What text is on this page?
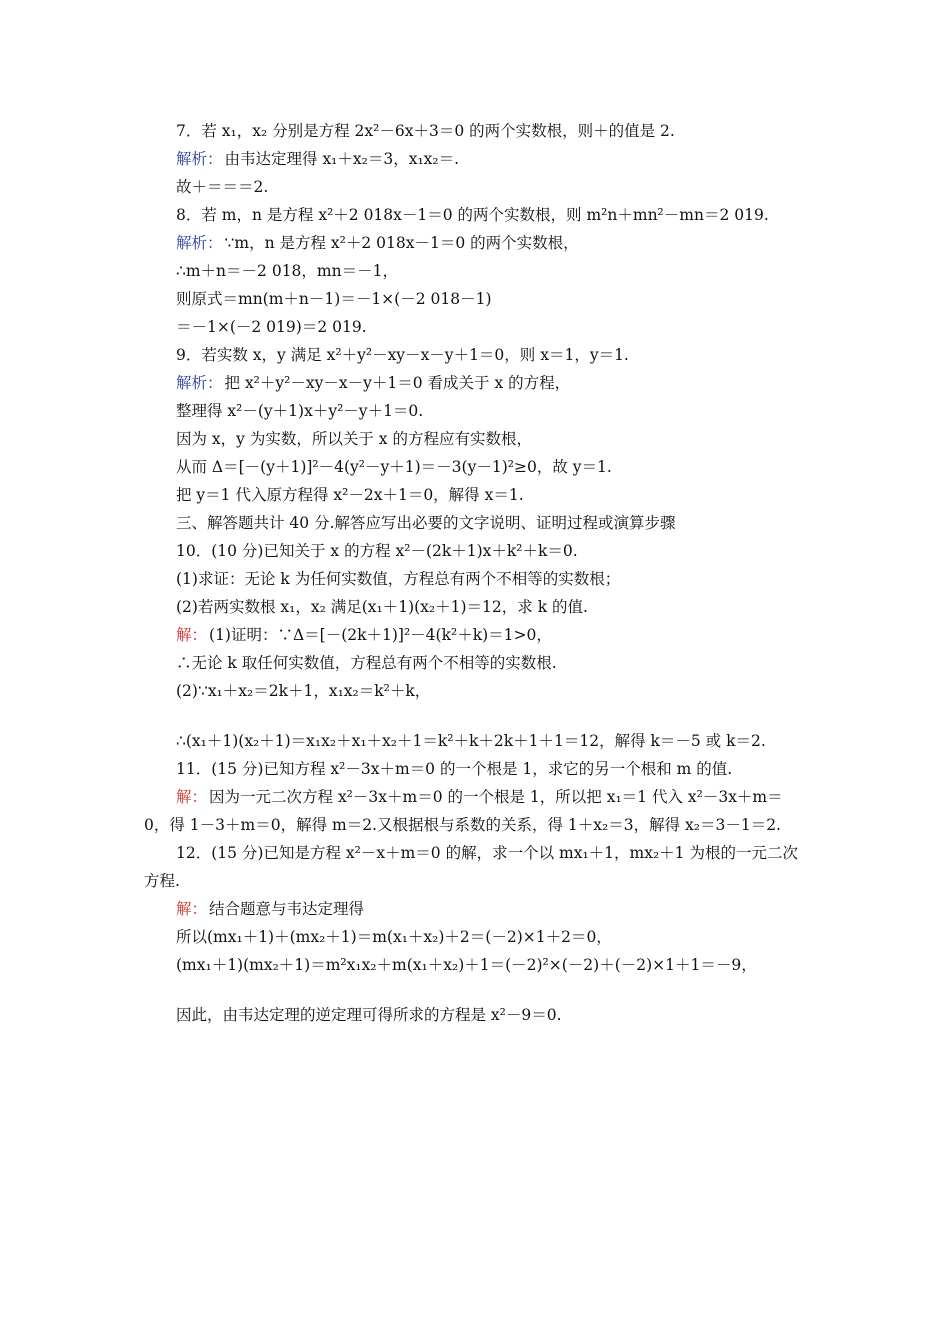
7．若 x₁，x₂ 分别是方程 2x²－6x＋3＝0 的两个实数根，则＋的值是 2.
解析： 由韦达定理得 x₁＋x₂＝3，x₁x₂＝.
故＋＝＝＝2.
8．若 m，n 是方程 x²＋2 018x－1＝0 的两个实数根，则 m²n＋mn²－mn＝2 019.
解析： ∵m，n 是方程 x²＋2 018x－1＝0 的两个实数根，
∴m＋n＝－2 018，mn＝－1，
则原式＝mn(m＋n－1)＝－1×(－2 018－1)
＝－1×(－2 019)＝2 019.
9．若实数 x，y 满足 x²＋y²－xy－x－y＋1＝0，则 x＝1，y＝1.
解析： 把 x²＋y²－xy－x－y＋1＝0 看成关于 x 的方程，
整理得 x²－(y＋1)x＋y²－y＋1＝0.
因为 x，y 为实数，所以关于 x 的方程应有实数根，
从而 Δ＝[－(y＋1)]²－4(y²－y＋1)＝－3(y－1)²≥0，故 y＝1.
把 y＝1 代入原方程得 x²－2x＋1＝0，解得 x＝1.
三、解答题共计 40 分.解答应写出必要的文字说明、证明过程或演算步骤
10．(10 分)已知关于 x 的方程 x²－(2k＋1)x＋k²＋k＝0.
(1)求证：无论 k 为任何实数值，方程总有两个不相等的实数根；
(2)若两实数根 x₁，x₂ 满足(x₁＋1)(x₂＋1)＝12，求 k 的值.
解： (1)证明：∵Δ＝[－(2k＋1)]²－4(k²＋k)＝1>0，
∴无论 k 取任何实数值，方程总有两个不相等的实数根.
(2)∵x₁＋x₂＝2k＋1，x₁x₂＝k²＋k，
∴(x₁＋1)(x₂＋1)＝x₁x₂＋x₁＋x₂＋1＝k²＋k＋2k＋1＋1＝12，解得 k＝－5 或 k＝2.
11．(15 分)已知方程 x²－3x＋m＝0 的一个根是 1，求它的另一个根和 m 的值.
解： 因为一元二次方程 x²－3x＋m＝0 的一个根是 1，所以把 x₁＝1 代入 x²－3x＋m＝
0，得 1－3＋m＝0，解得 m＝2.又根据根与系数的关系，得 1＋x₂＝3，解得 x₂＝3－1＝2.
12．(15 分)已知是方程 x²－x＋m＝0 的解，求一个以 mx₁＋1，mx₂＋1 为根的一元二次
方程.
解： 结合题意与韦达定理得
所以(mx₁＋1)＋(mx₂＋1)＝m(x₁＋x₂)＋2＝(－2)×1＋2＝0，
(mx₁＋1)(mx₂＋1)＝m²x₁x₂＋m(x₁＋x₂)＋1＝(－2)²×(－2)＋(－2)×1＋1＝－9，
因此，由韦达定理的逆定理可得所求的方程是 x²－9＝0.
